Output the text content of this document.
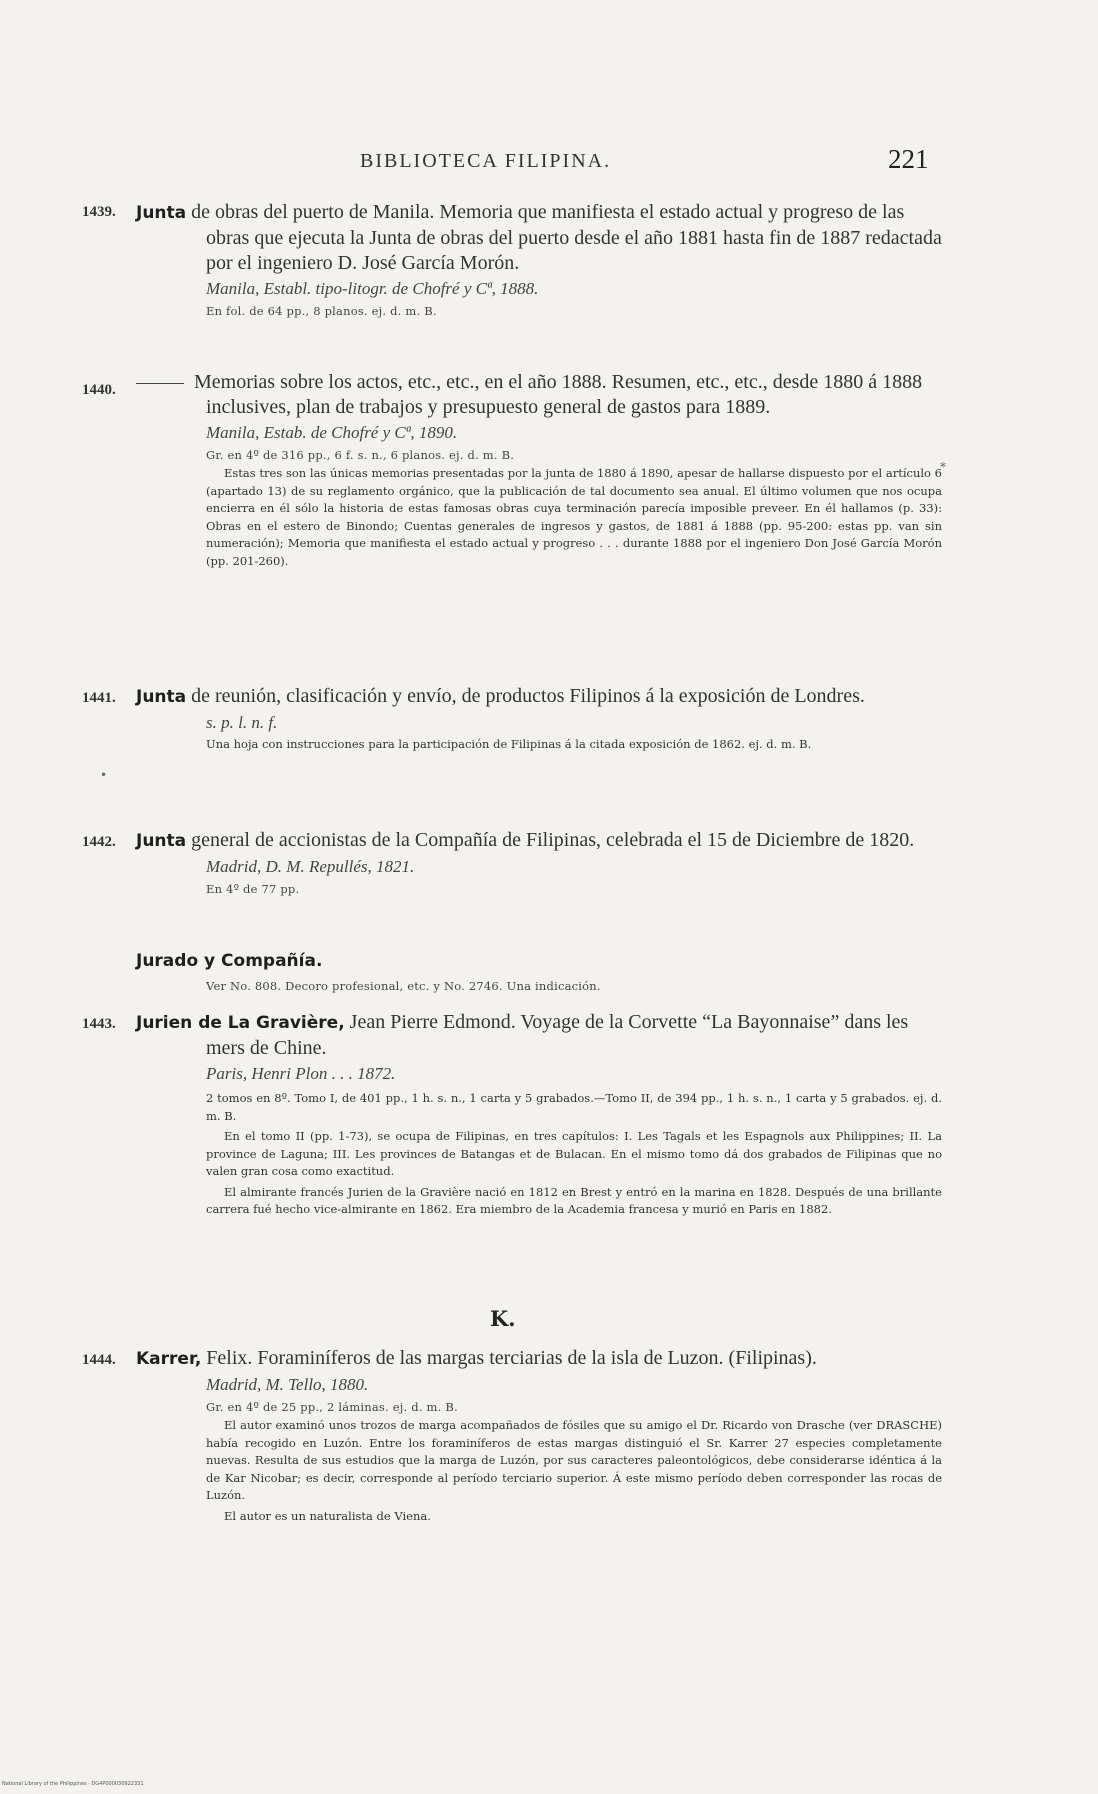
BIBLIOTECA FILIPINA.	221
1439.	Junta de obras del puerto de Manila. Memoria que manifiesta el estado actual y progreso de las obras que ejecuta la Junta de obras del puerto desde el año 1881 hasta fin de 1887 redactada por el ingeniero D. José García Morón.
Manila, Establ. tipo-litogr. de Chofré y Cª, 1888.
En fol. de 64 pp., 8 planos. ej. d. m. B.
1440.	Memorias sobre los actos, etc., etc., en el año 1888. Resumen, etc., etc., desde 1880 á 1888 inclusives, plan de trabajos y presupuesto general de gastos para 1889.
Manila, Estab. de Chofré y Cª, 1890.
Gr. en 4º de 316 pp., 6 f. s. n., 6 planos. ej. d. m. B.
Estas tres son las únicas memorias presentadas por la junta de 1880 á 1890, apesar de hallarse dispuesto por el artículo 6 (apartado 13) de su reglamento orgánico, que la publicación de tal documento sea anual. El último volumen que nos ocupa encierra en él sólo la historia de estas famosas obras cuya terminación parecía imposible preveer. En él hallamos (p. 33): Obras en el estero de Binondo; Cuentas generales de ingresos y gastos, de 1881 á 1888 (pp. 95-200: estas pp. van sin numeración); Memoria que manifiesta el estado actual y progreso . . . durante 1888 por el ingeniero Don José García Morón (pp. 201-260).
*
1441.	Junta de reunión, clasificación y envío, de productos Filipinos á la exposición de Londres.
s. p. l. n. f.
Una hoja con instrucciones para la participación de Filipinas á la citada exposición de 1862. ej. d. m. B.
•
1442.	Junta general de accionistas de la Compañía de Filipinas, celebrada el 15 de Diciembre de 1820.
Madrid, D. M. Repullés, 1821.
En 4º de 77 pp.
Jurado y Compañía.
Ver No. 808. Decoro profesional, etc. y No. 2746. Una indicación.
1443.	Jurien de La Gravière, Jean Pierre Edmond. Voyage de la Corvette “La Bayonnaise” dans les mers de Chine.
Paris, Henri Plon . . . 1872.
2 tomos en 8º. Tomo I, de 401 pp., 1 h. s. n., 1 carta y 5 grabados.—Tomo II, de 394 pp., 1 h. s. n., 1 carta y 5 grabados. ej. d. m. B.
En el tomo II (pp. 1-73), se ocupa de Filipinas, en tres capítulos: I. Les Tagals et les Espagnols aux Philippines; II. La province de Laguna; III. Les provinces de Batangas et de Bulacan. En el mismo tomo dá dos grabados de Filipinas que no valen gran cosa como exactitud.
El almirante francés Jurien de la Gravière nació en 1812 en Brest y entró en la marina en 1828. Después de una brillante carrera fué hecho vice-almirante en 1862. Era miembro de la Academia francesa y murió en Paris en 1882.
K.
1444.	Karrer, Felix. Foraminíferos de las margas terciarias de la isla de Luzon. (Filipinas).
Madrid, M. Tello, 1880.
Gr. en 4º de 25 pp., 2 láminas. ej. d. m. B.
El autor examinó unos trozos de marga acompañados de fósiles que su amigo el Dr. Ricardo von Drasche (ver DRASCHE) había recogido en Luzón. Entre los foraminíferos de estas margas distinguió el Sr. Karrer 27 especies completamente nuevas. Resulta de sus estudios que la marga de Luzón, por sus caracteres paleontológicos, debe considerarse idéntica á la de Kar Nicobar; es decir, corresponde al período terciario superior. Á este mismo período deben corresponder las rocas de Luzón.
El autor es un naturalista de Viena.
National Library of the Philippines · DG4P000030922331
